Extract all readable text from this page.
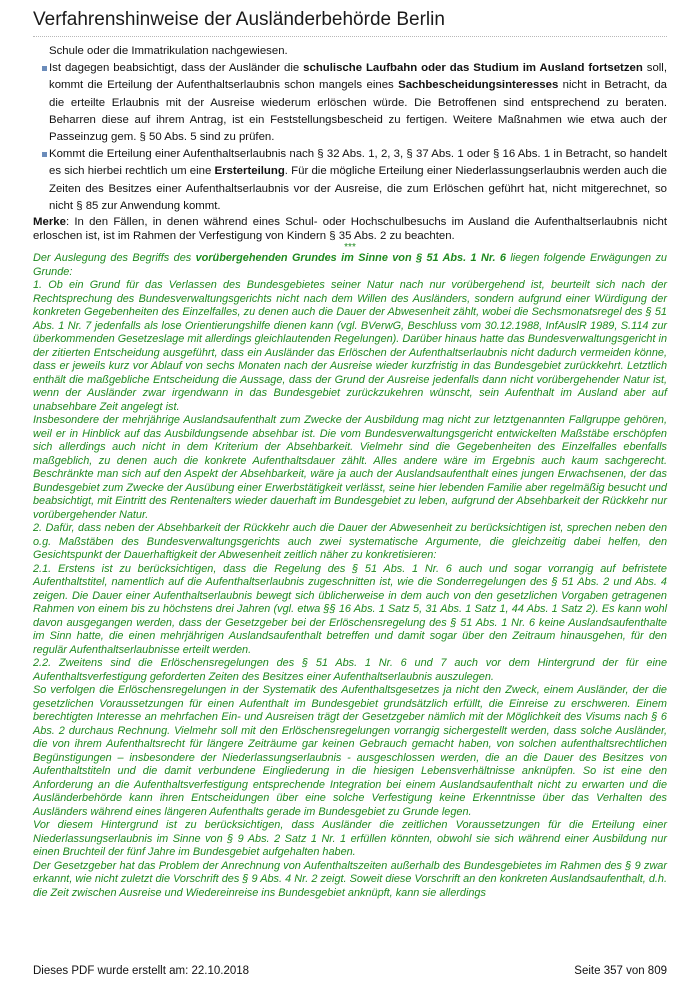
Verfahrenshinweise der Ausländerbehörde Berlin

Schule oder die Immatrikulation nachgewiesen.

Ist dagegen beabsichtigt, dass der Ausländer die schulische Laufbahn oder das Studium im Ausland fortsetzen soll, kommt die Erteilung der Aufenthaltserlaubnis schon mangels eines Sachbescheidungsinteresses nicht in Betracht, da die erteilte Erlaubnis mit der Ausreise wiederum erlöschen würde. Die Betroffenen sind entsprechend zu beraten. Beharren diese auf ihrem Antrag, ist ein Feststellungsbescheid zu fertigen. Weitere Maßnahmen wie etwa auch der Passeinzug gem. § 50 Abs. 5 sind zu prüfen.

Kommt die Erteilung einer Aufenthaltserlaubnis nach § 32 Abs. 1, 2, 3, § 37 Abs. 1 oder § 16 Abs. 1 in Betracht, so handelt es sich hierbei rechtlich um eine Ersterteilung. Für die mögliche Erteilung einer Niederlassungserlaubnis werden auch die Zeiten des Besitzes einer Aufenthaltserlaubnis vor der Ausreise, die zum Erlöschen geführt hat, nicht mitgerechnet, so nicht § 85 zur Anwendung kommt.

Merke: In den Fällen, in denen während eines Schul- oder Hochschulbesuchs im Ausland die Aufenthaltserlaubnis nicht erloschen ist, ist im Rahmen der Verfestigung von Kindern § 35 Abs. 2 zu beachten.

***

Der Auslegung des Begriffs des vorübergehenden Grundes im Sinne von § 51 Abs. 1 Nr. 6 liegen folgende Erwägungen zu Grunde:

1. Ob ein Grund für das Verlassen des Bundesgebietes seiner Natur nach nur vorübergehend ist, beurteilt sich nach der Rechtsprechung des Bundesverwaltungsgerichts nicht nach dem Willen des Ausländers, sondern aufgrund einer Würdigung der konkreten Gegebenheiten des Einzelfalles, zu denen auch die Dauer der Abwesenheit zählt, wobei die Sechsmonatsregel des § 51 Abs. 1 Nr. 7 jedenfalls als lose Orientierungshilfe dienen kann (vgl. BVerwG, Beschluss vom 30.12.1988, InfAuslR 1989, S.114 zur überkommenden Gesetzeslage mit allerdings gleichlautenden Regelungen). Darüber hinaus hatte das Bundesverwaltungsgericht in der zitierten Entscheidung ausgeführt, dass ein Ausländer das Erlöschen der Aufenthaltserlaubnis nicht dadurch vermeiden könne, dass er jeweils kurz vor Ablauf von sechs Monaten nach der Ausreise wieder kurzfristig in das Bundesgebiet zurückkehrt. Letztlich enthält die maßgebliche Entscheidung die Aussage, dass der Grund der Ausreise jedenfalls dann nicht vorübergehender Natur ist, wenn der Ausländer zwar irgendwann in das Bundesgebiet zurückzukehren wünscht, sein Aufenthalt im Ausland aber auf unabsehbare Zeit angelegt ist.

Insbesondere der mehrjährige Auslandsaufenthalt zum Zwecke der Ausbildung mag nicht zur letztgenannten Fallgruppe gehören, weil er in Hinblick auf das Ausbildungsende absehbar ist. Die vom Bundesverwaltungsgericht entwickelten Maßstäbe erschöpfen sich allerdings auch nicht in dem Kriterium der Absehbarkeit. Vielmehr sind die Gegebenheiten des Einzelfalles ebenfalls maßgeblich, zu denen auch die konkrete Aufenthaltsdauer zählt. Alles andere wäre im Ergebnis auch kaum sachgerecht. Beschränkte man sich auf den Aspekt der Absehbarkeit, wäre ja auch der Auslandsaufenthalt eines jungen Erwachsenen, der das Bundesgebiet zum Zwecke der Ausübung einer Erwerbstätigkeit verlässt, seine hier lebenden Familie aber regelmäßig besucht und beabsichtigt, mit Eintritt des Rentenalters wieder dauerhaft im Bundesgebiet zu leben, aufgrund der Absehbarkeit der Rückkehr nur vorübergehender Natur.

2. Dafür, dass neben der Absehbarkeit der Rückkehr auch die Dauer der Abwesenheit zu berücksichtigen ist, sprechen neben den o.g. Maßstäben des Bundesverwaltungsgerichts auch zwei systematische Argumente, die gleichzeitig dabei helfen, den Gesichtspunkt der Dauerhaftigkeit der Abwesenheit zeitlich näher zu konkretisieren:

2.1. Erstens ist zu berücksichtigen, dass die Regelung des § 51 Abs. 1 Nr. 6 auch und sogar vorrangig auf befristete Aufenthaltstitel, namentlich auf die Aufenthaltserlaubnis zugeschnitten ist, wie die Sonderregelungen des § 51 Abs. 2 und Abs. 4 zeigen. Die Dauer einer Aufenthaltserlaubnis bewegt sich üblicherweise in dem auch von den gesetzlichen Vorgaben getragenen Rahmen von einem bis zu höchstens drei Jahren (vgl. etwa §§ 16 Abs. 1 Satz 5, 31 Abs. 1 Satz 1, 44 Abs. 1 Satz 2). Es kann wohl davon ausgegangen werden, dass der Gesetzgeber bei der Erlöschensregelung des § 51 Abs. 1 Nr. 6 keine Auslandsaufenthalte im Sinn hatte, die einen mehrjährigen Auslandsaufenthalt betreffen und damit sogar über den Zeitraum hinausgehen, für den regulär Aufenthaltserlaubnisse erteilt werden.

2.2. Zweitens sind die Erlöschensregelungen des § 51 Abs. 1 Nr. 6 und 7 auch vor dem Hintergrund der für eine Aufenthaltsverfestigung geforderten Zeiten des Besitzes einer Aufenthaltserlaubnis auszulegen.

So verfolgen die Erlöschensregelungen in der Systematik des Aufenthaltsgesetzes ja nicht den Zweck, einem Ausländer, der die gesetzlichen Voraussetzungen für einen Aufenthalt im Bundesgebiet grundsätzlich erfüllt, die Einreise zu erschweren. Einem berechtigten Interesse an mehrfachen Ein- und Ausreisen trägt der Gesetzgeber nämlich mit der Möglichkeit des Visums nach § 6 Abs. 2 durchaus Rechnung. Vielmehr soll mit den Erlöschensregelungen vorrangig sichergestellt werden, dass solche Ausländer, die von ihrem Aufenthaltsrecht für längere Zeiträume gar keinen Gebrauch gemacht haben, von solchen aufenthaltsrechtlichen Begünstigungen – insbesondere der Niederlassungserlaubnis - ausgeschlossen werden, die an die Dauer des Besitzes von Aufenthaltstiteln und die damit verbundene Eingliederung in die hiesigen Lebensverhältnisse anknüpfen. So ist eine den Anforderung an die Aufenthaltsverfestigung entsprechende Integration bei einem Auslandsaufenthalt nicht zu erwarten und die Ausländerbehörde kann ihren Entscheidungen über eine solche Verfestigung keine Erkenntnisse über das Verhalten des Ausländers während eines längeren Aufenthalts gerade im Bundesgebiet zu Grunde legen.

Vor diesem Hintergrund ist zu berücksichtigen, dass Ausländer die zeitlichen Voraussetzungen für die Erteilung einer Niederlassungserlaubnis im Sinne von § 9 Abs. 2 Satz 1 Nr. 1 erfüllen könnten, obwohl sie sich während einer Ausbildung nur einen Bruchteil der fünf Jahre im Bundesgebiet aufgehalten haben.

Der Gesetzgeber hat das Problem der Anrechnung von Aufenthaltszeiten außerhalb des Bundesgebietes im Rahmen des § 9 zwar erkannt, wie nicht zuletzt die Vorschrift des § 9 Abs. 4 Nr. 2 zeigt. Soweit diese Vorschrift an den konkreten Auslandsaufenthalt, d.h. die Zeit zwischen Ausreise und Wiedereinreise ins Bundesgebiet anknüpft, kann sie allerdings

Dieses PDF wurde erstellt am: 22.10.2018	Seite 357 von 809
